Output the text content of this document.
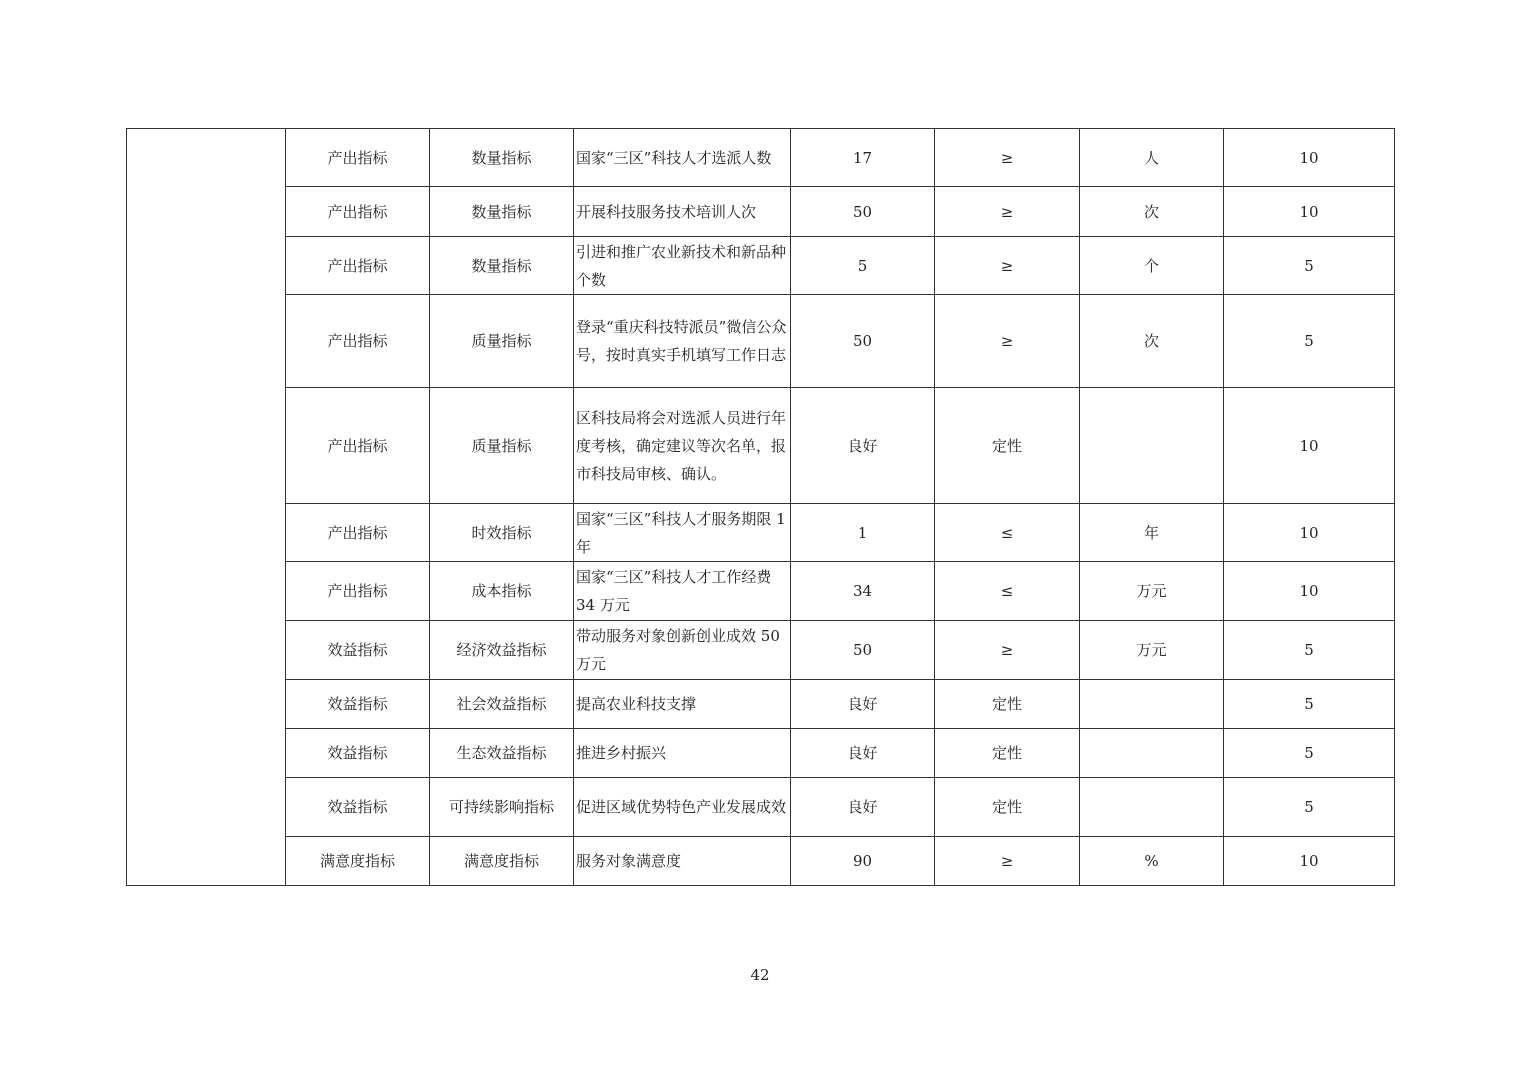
	产出指标	数量指标	国家“三区”科技人才选派人数	17	≥	人	10
	产出指标	数量指标	开展科技服务技术培训人次	50	≥	次	10
	产出指标	数量指标	引进和推广农业新技术和新品种个数	5	≥	个	5
	产出指标	质量指标	登录“重庆科技特派员”微信公众号，按时真实手机填写工作日志	50	≥	次	5
	产出指标	质量指标	区科技局将会对选派人员进行年度考核，确定建议等次名单，报市科技局审核、确认。	良好	定性		10
	产出指标	时效指标	国家“三区”科技人才服务期限 1 年	1	≤	年	10
	产出指标	成本指标	国家“三区”科技人才工作经费 34 万元	34	≤	万元	10
	效益指标	经济效益指标	带动服务对象创新创业成效 50 万元	50	≥	万元	5
	效益指标	社会效益指标	提高农业科技支撑	良好	定性		5
	效益指标	生态效益指标	推进乡村振兴	良好	定性		5
	效益指标	可持续影响指标	促进区域优势特色产业发展成效	良好	定性		5
	满意度指标	满意度指标	服务对象满意度	90	≥	%	10
42
